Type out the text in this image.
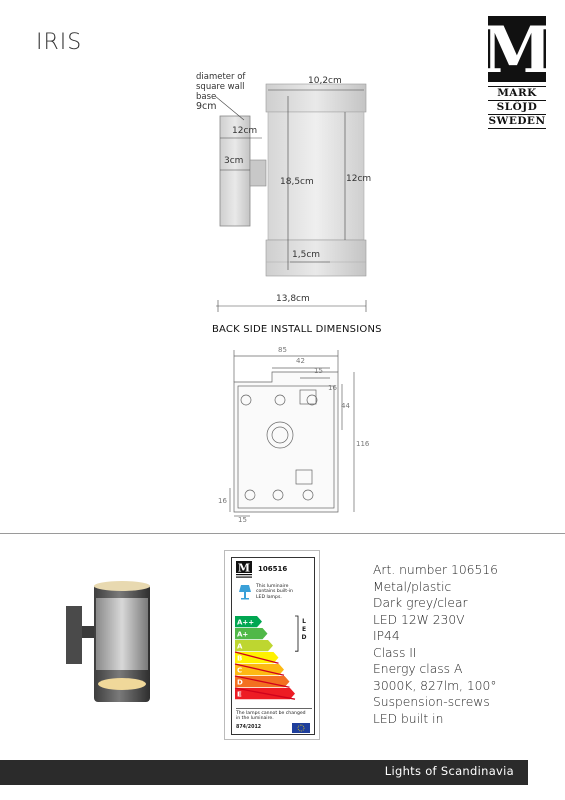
IRIS	M
MARK
SLÖJD
SWEDEN
diameter of
square wall
base
9cm
10,2cm
12cm
3cm
18,5cm	12cm
1,5cm
13,8cm
BACK SIDE INSTALL DIMENSIONS
85
42
15
16
44
116
16
15
M 106516
This luminaire
contains built-in
LED lamps.
A++
A+
A
B
C
D
E
L
E
D
The lamps cannot be changed
in the luminaire.
874/2012
Art. number 106516
Metal/plastic
Dark grey/clear
LED 12W 230V
IP44
Class II
Energy class A
3000K, 827lm, 100°
Suspension-screws
LED built in
Lights of Scandinavia
